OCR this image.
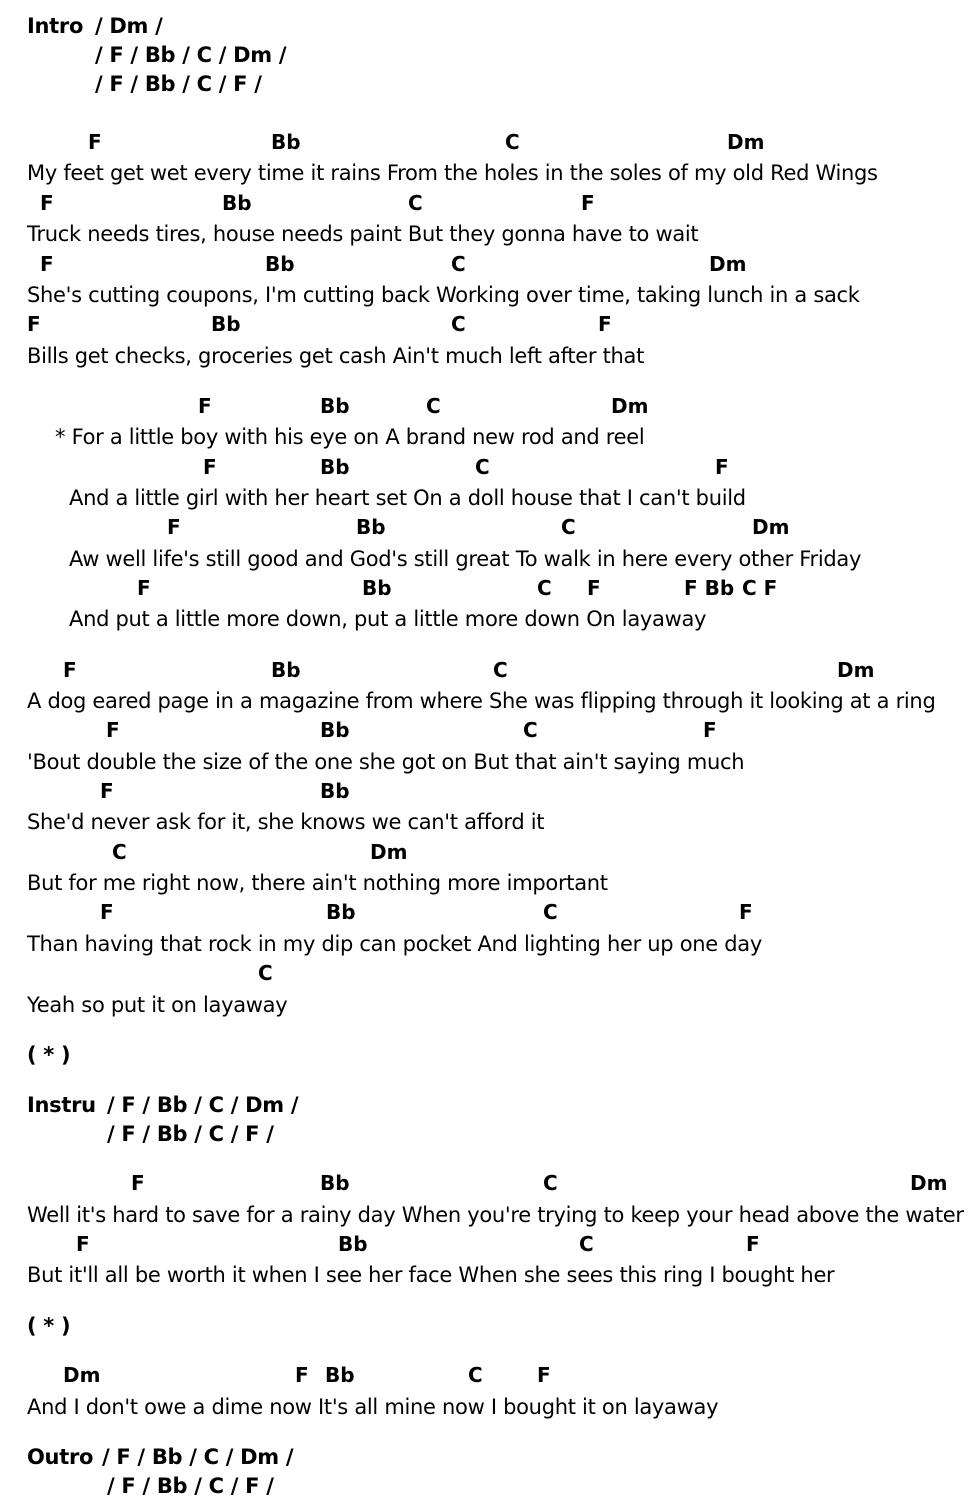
Intro / Dm /
/ F / Bb / C / Dm /
/ F / Bb / C / F /
F	Bb	C	Dm
My feet get wet every time it rains From the holes in the soles of my old Red Wings
F	Bb	C	F
Truck needs tires, house needs paint But they gonna have to wait
F	Bb	C	Dm
She's cutting coupons, I'm cutting back Working over time, taking lunch in a sack
F	Bb	C	F
Bills get checks, groceries get cash Ain't much left after that
F	Bb	C	Dm
* For a little boy with his eye on A brand new rod and reel
F	Bb	C	F
And a little girl with her heart set On a doll house that I can't build
F	Bb	C	Dm
Aw well life's still good and God's still great To walk in here every other Friday
F	Bb	C F	F Bb C F
And put a little more down, put a little more down On layaway
F	Bb	C	Dm
A dog eared page in a magazine from where She was flipping through it looking at a ring
F	Bb	C	F
'Bout double the size of the one she got on But that ain't saying much
F	Bb
She'd never ask for it, she knows we can't afford it
C	Dm
But for me right now, there ain't nothing more important
F	Bb	C	F
Than having that rock in my dip can pocket And lighting her up one day
C
Yeah so put it on layaway
( * )
Instru / F / Bb / C / Dm /
/ F / Bb / C / F /
F	Bb	C	Dm
Well it's hard to save for a rainy day When you're trying to keep your head above the water
F	Bb	C	F
But it'll all be worth it when I see her face When she sees this ring I bought her
( * )
Dm	F Bb	C	F
And I don't owe a dime now It's all mine now I bought it on layaway
Outro / F / Bb / C / Dm /
/ F / Bb / C / F /
